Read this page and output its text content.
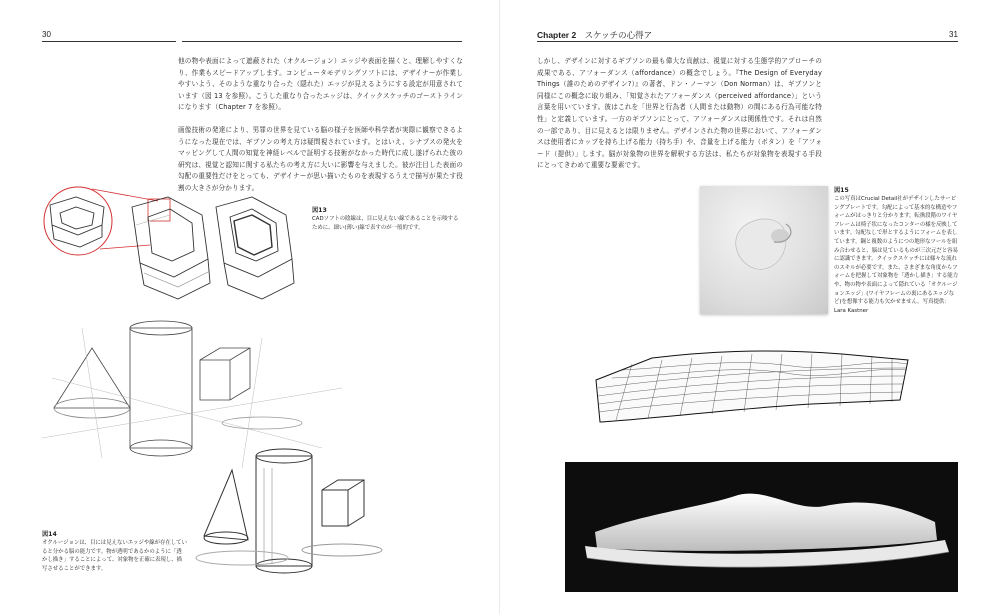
30

他の物や表面によって遮蔽された（オクルージョン）エッジや表面を描くと、理解しやすくなり、作業もスピードアップします。コンピュータモデリングソフトには、デザイナーが作業しやすいよう、そのような重なり合った（隠れた）エッジが見えるようにする設定が用意されています（図 13 を参照）。こうした重なり合ったエッジは、クイックスケッチのゴーストラインになります（Chapter 7 を参照）。

画像技術の発達により、男罪の世界を見ている脳の様子を医師や科学者が実際に観察できるようになった現在では、ギブソンの考え方は疑問視されています。とはいえ、シナプスの発火をマッピングして人間の知覚を神経レベルで証明する技術がなかった時代に成し遂げられた彼の研究は、視覚と認知に関する私たちの考え方に大いに影響を与えました。彼が注目した表面の勾配の重要性だけをとっても、デザイナーが思い描いたものを表現するうえで描写が果たす役割の大きさが分かります。

図13
CADソフトの陰線は、目に見えない線であることを示唆するために、細い(薄い)線で表すのが一般的です。
図14
オクルージョンは、目には見えないエッジや線が存在していると分かる脳の能力です。物が透明であるかのように「透かし描き」することによって、対象物を正確に表現し、描写させることができます。
31

しかし、デザインに対するギブソンの最も偉大な貢献は、視覚に対する生態学的アプローチの成果である、アフォーダンス（affordance）の概念でしょう。『The Design of Everyday Things（誰のためのデザイン?）』の著者、ドン・ノーマン（Don Norman）は、ギブソンと同様にこの概念に取り組み、「知覚されたアフォーダンス（perceived affordance）」という言葉を用いています。彼はこれを「世界と行為者（人間または動物）の間にある行為可能な特性」と定義しています。一方のギブソンにとって、アフォーダンスは関係性です。それは自然の一部であり、目に見えるとは限りません。デザインされた物の世界において、アフォーダンスは使用者にカップを持ち上げる能力（持ち手）や、音量を上げる能力（ボタン）を「アフォード（提供）」します。脳が対象物の世界を解釈する方法は、私たちが対象物を表現する手段にとってきわめて重要な要素です。

図15
この写真はCrucial Detail社がデザインしたサービングプレートです。勾配によって基本的な構造やフォームがはっきりと分かります。転換段階のワイヤフレームは椅子状になったコンターの様を反映しています。勾配なしで形とするようにフォームを表しています。鋼と複数のようにつの地形なツールを組み合わせると、脳は見ているものが三次元だと容易に認識できます。クイックスケッチには様々な流れのスキルが必要です。また、さまざまな角度からフォームを把握して対象物を「透かし描き」する能力や、物の物や表面によって隠れている「オクルージョンエッジ」(ワイヤフレームの裏にあるエッジなど)を想像する能力も欠かせません。写真提供：Lara Kastner
Chapter 2 スケッチの心得ア
